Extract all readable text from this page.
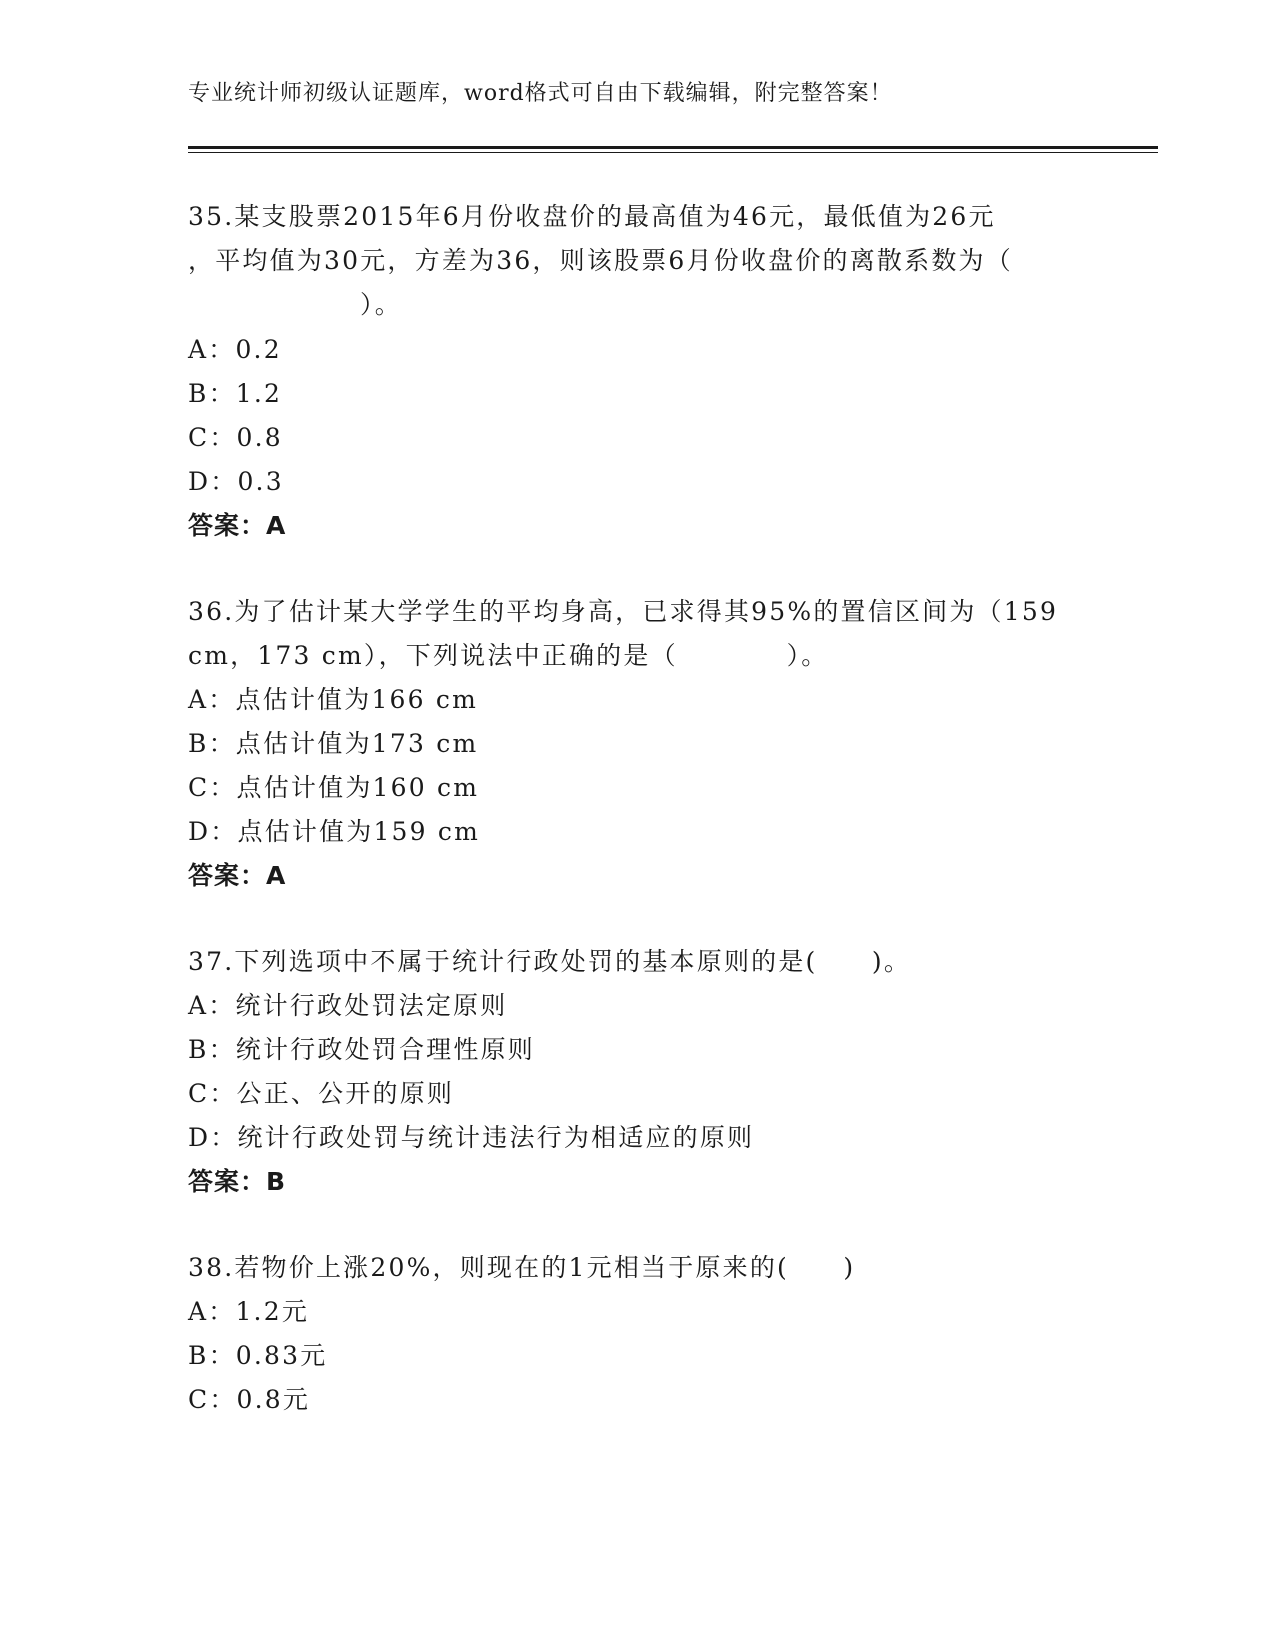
专业统计师初级认证题库，word格式可自由下载编辑，附完整答案！
35.某支股票2015年6月份收盘价的最高值为46元，最低值为26元
，平均值为30元，方差为36，则该股票6月份收盘价的离散系数为（
）。
A：0.2
B：1.2
C：0.8
D：0.3
答案：A
36.为了估计某大学学生的平均身高，已求得其95%的置信区间为（159
cm，173 cm），下列说法中正确的是（　　　　）。
A：点估计值为166 cm
B：点估计值为173 cm
C：点估计值为160 cm
D：点估计值为159 cm
答案：A
37.下列选项中不属于统计行政处罚的基本原则的是(　　)。
A：统计行政处罚法定原则
B：统计行政处罚合理性原则
C：公正、公开的原则
D：统计行政处罚与统计违法行为相适应的原则
答案：B
38.若物价上涨20%，则现在的1元相当于原来的(　　)
A：1.2元
B：0.83元
C：0.8元
